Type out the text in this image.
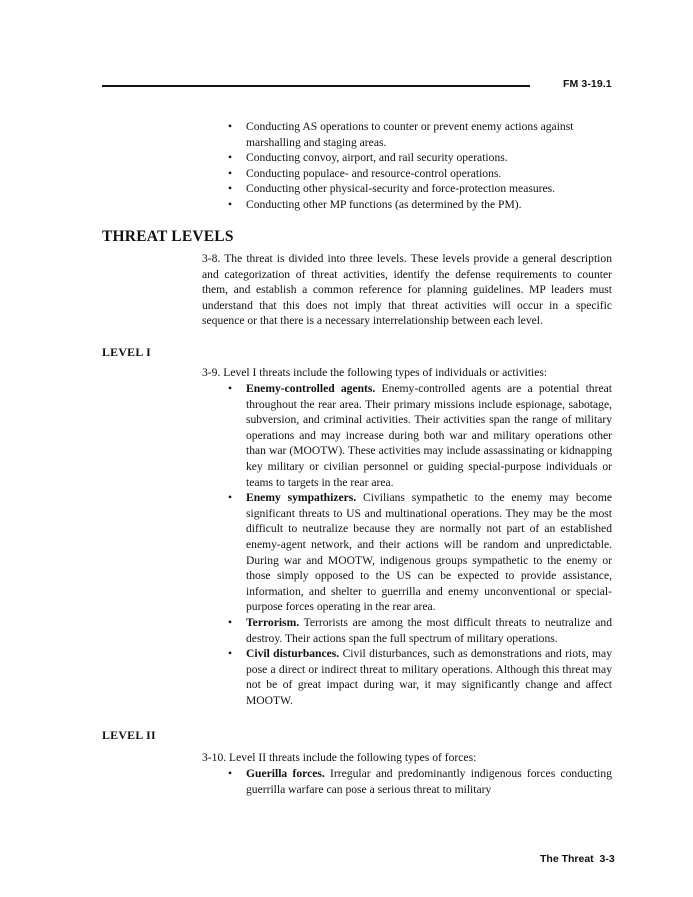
FM 3-19.1
• Conducting AS operations to counter or prevent enemy actions against marshalling and staging areas.
• Conducting convoy, airport, and rail security operations.
• Conducting populace- and resource-control operations.
• Conducting other physical-security and force-protection measures.
• Conducting other MP functions (as determined by the PM).
THREAT LEVELS

3-8. The threat is divided into three levels. These levels provide a general description and categorization of threat activities, identify the defense requirements to counter them, and establish a common reference for planning guidelines. MP leaders must understand that this does not imply that threat activities will occur in a specific sequence or that there is a necessary interrelationship between each level.

LEVEL I

3-9. Level I threats include the following types of individuals or activities:

• Enemy-controlled agents. Enemy-controlled agents are a potential threat throughout the rear area. Their primary missions include espionage, sabotage, subversion, and criminal activities. Their activities span the range of military operations and may increase during both war and military operations other than war (MOOTW). These activities may include assassinating or kidnapping key military or civilian personnel or guiding special-purpose individuals or teams to targets in the rear area.
• Enemy sympathizers. Civilians sympathetic to the enemy may become significant threats to US and multinational operations. They may be the most difficult to neutralize because they are normally not part of an established enemy-agent network, and their actions will be random and unpredictable. During war and MOOTW, indigenous groups sympathetic to the enemy or those simply opposed to the US can be expected to provide assistance, information, and shelter to guerrilla and enemy unconventional or special-purpose forces operating in the rear area.
• Terrorism. Terrorists are among the most difficult threats to neutralize and destroy. Their actions span the full spectrum of military operations.
• Civil disturbances. Civil disturbances, such as demonstrations and riots, may pose a direct or indirect threat to military operations. Although this threat may not be of great impact during war, it may significantly change and affect MOOTW.
LEVEL II

3-10. Level II threats include the following types of forces:

• Guerilla forces. Irregular and predominantly indigenous forces conducting guerrilla warfare can pose a serious threat to military
The Threat  3-3
